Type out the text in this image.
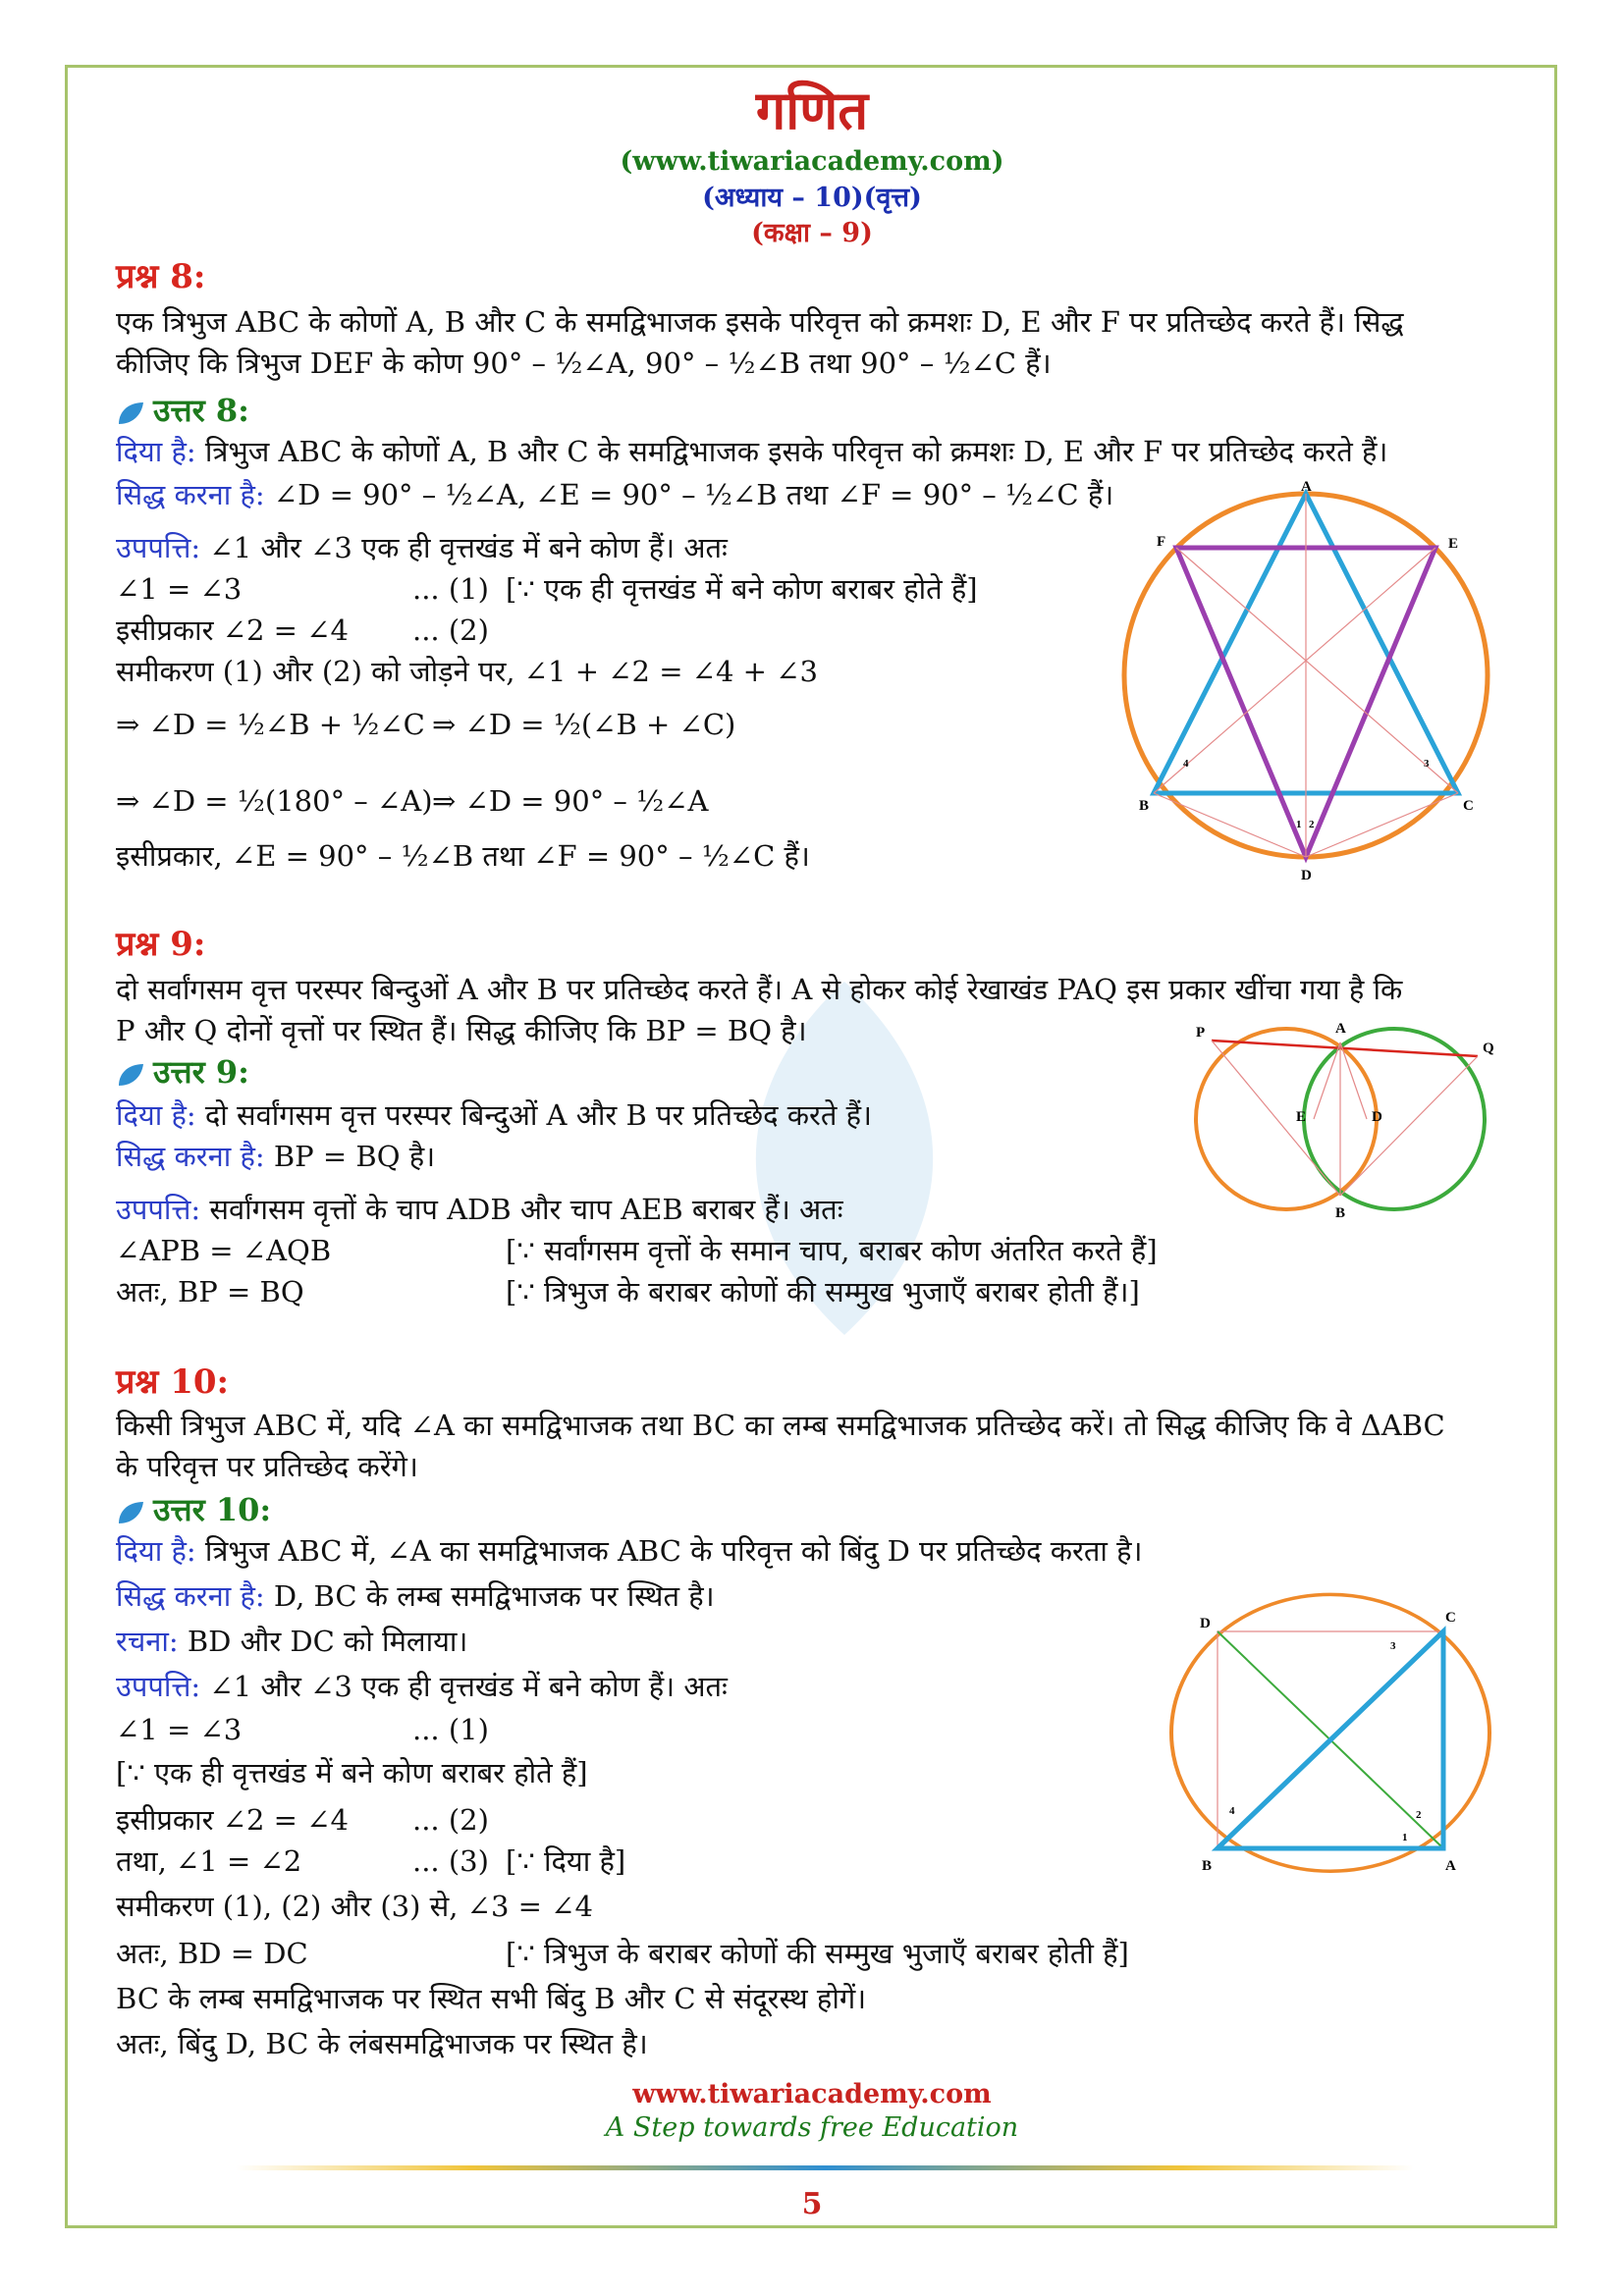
गणित
(www.tiwariacademy.com)
(अध्याय – 10)(वृत्त)
(कक्षा – 9)
प्रश्न 8:
एक त्रिभुज ABC के कोणों A, B और C के समद्विभाजक इसके परिवृत्त को क्रमशः D, E और F पर प्रतिच्छेद करते हैं। सिद्ध
कीजिए कि त्रिभुज DEF के कोण 90° – ½∠A, 90° – ½∠B तथा 90° – ½∠C हैं।
उत्तर 8:
दिया है: त्रिभुज ABC के कोणों A, B और C के समद्विभाजक इसके परिवृत्त को क्रमशः D, E और F पर प्रतिच्छेद करते हैं।
सिद्ध करना है: ∠D = 90° – ½∠A, ∠E = 90° – ½∠B तथा ∠F = 90° – ½∠C हैं।
उपपत्ति: ∠1 और ∠3 एक ही वृत्तखंड में बने कोण हैं। अतः
∠1 = ∠3	... (1) [∵ एक ही वृत्तखंड में बने कोण बराबर होते हैं]
इसीप्रकार ∠2 = ∠4 ... (2)
समीकरण (1) और (2) को जोड़ने पर, ∠1 + ∠2 = ∠4 + ∠3
⇒ ∠D = ½∠B + ½∠C ⇒ ∠D = ½(∠B + ∠C)
⇒ ∠D = ½(180° – ∠A) ⇒ ∠D = 90° – ½∠A
इसीप्रकार, ∠E = 90° – ½∠B तथा ∠F = 90° – ½∠C हैं।
A
B	C
D
E
F
1 2
3
4
प्रश्न 9:
दो सर्वांगसम वृत्त परस्पर बिन्दुओं A और B पर प्रतिच्छेद करते हैं। A से होकर कोई रेखाखंड PAQ इस प्रकार खींचा गया है कि
P और Q दोनों वृत्तों पर स्थित हैं। सिद्ध कीजिए कि BP = BQ है।
उत्तर 9:
दिया है: दो सर्वांगसम वृत्त परस्पर बिन्दुओं A और B पर प्रतिच्छेद करते हैं।
सिद्ध करना है: BP = BQ है।
उपपत्ति: सर्वांगसम वृत्तों के चाप ADB और चाप AEB बराबर हैं। अतः
∠APB = ∠AQB	[∵ सर्वांगसम वृत्तों के समान चाप, बराबर कोण अंतरित करते हैं]
अतः, BP = BQ	[∵ त्रिभुज के बराबर कोणों की सम्मुख भुजाएँ बराबर होती हैं।]
P	A
Q
E	D
B
प्रश्न 10:
किसी त्रिभुज ABC में, यदि ∠A का समद्विभाजक तथा BC का लम्ब समद्विभाजक प्रतिच्छेद करें। तो सिद्ध कीजिए कि वे ΔABC
के परिवृत्त पर प्रतिच्छेद करेंगे।
उत्तर 10:
दिया है: त्रिभुज ABC में, ∠A का समद्विभाजक ABC के परिवृत्त को बिंदु D पर प्रतिच्छेद करता है।
सिद्ध करना है: D, BC के लम्ब समद्विभाजक पर स्थित है।
रचना: BD और DC को मिलाया।
उपपत्ति: ∠1 और ∠3 एक ही वृत्तखंड में बने कोण हैं। अतः
∠1 = ∠3	... (1)
[∵ एक ही वृत्तखंड में बने कोण बराबर होते हैं]
इसीप्रकार ∠2 = ∠4 ... (2)
तथा, ∠1 = ∠2	... (3) [∵ दिया है]
समीकरण (1), (2) और (3) से, ∠3 = ∠4
अतः, BD = DC	[∵ त्रिभुज के बराबर कोणों की सम्मुख भुजाएँ बराबर होती हैं]
BC के लम्ब समद्विभाजक पर स्थित सभी बिंदु B और C से संदूरस्थ होगें।
अतः, बिंदु D, BC के लंबसमद्विभाजक पर स्थित है।
D	C
B	A
1
2
3
4
www.tiwariacademy.com
A Step towards free Education
5
